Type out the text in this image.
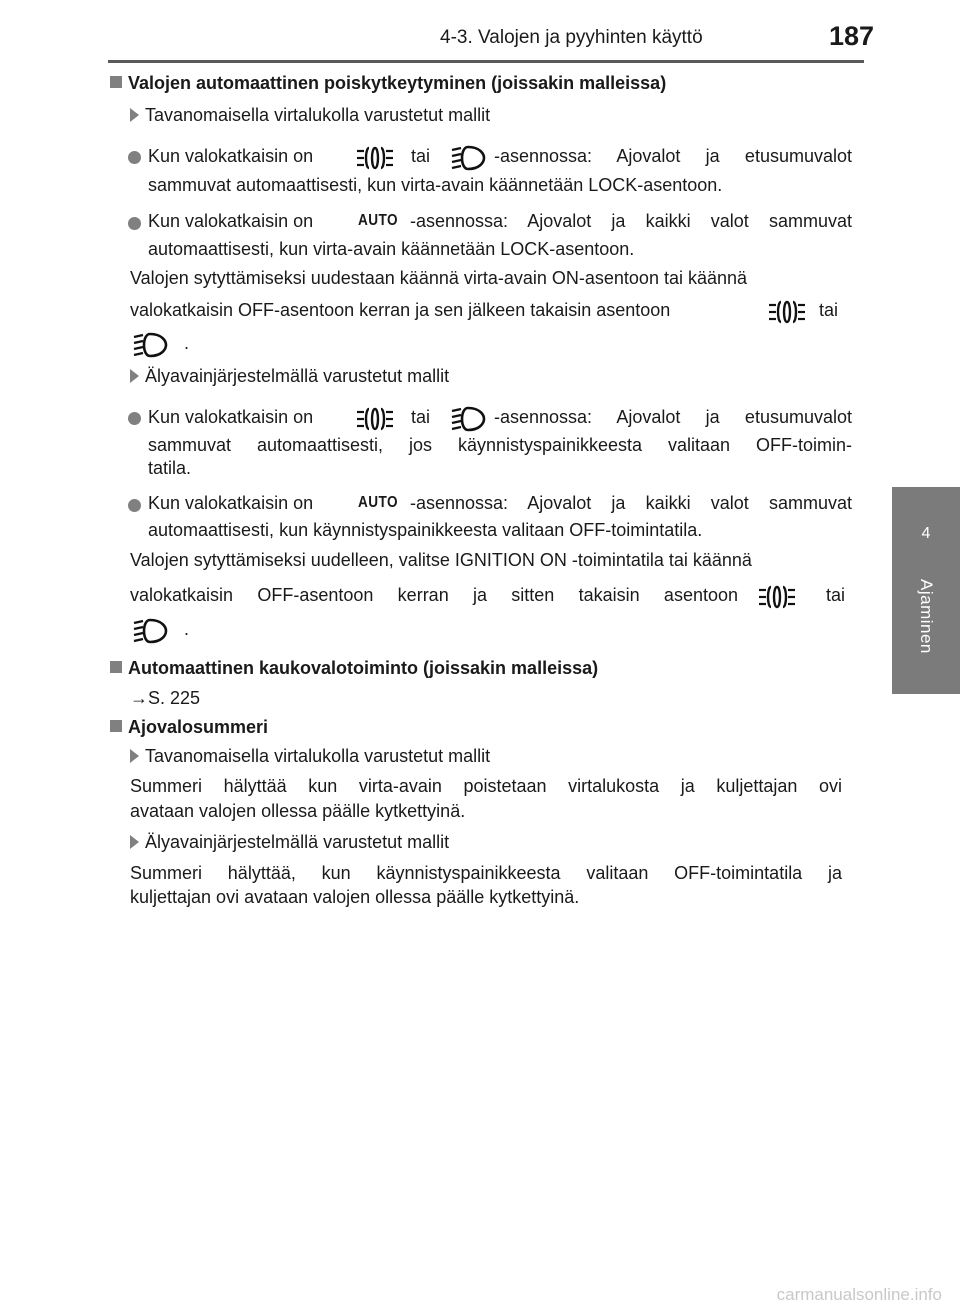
4-3. Valojen ja pyyhinten käyttö	187
4
Ajaminen
Valojen automaattinen poiskytkeytyminen (joissakin malleissa)
Tavanomaisella virtalukolla varustetut mallit
Kun valokatkaisin on	tai	-asennossa: Ajovalot ja etusumuvalot
sammuvat automaattisesti, kun virta-avain käännetään LOCK-asentoon.
Kun valokatkaisin on	AUTO -asennossa: Ajovalot ja kaikki valot sammuvat
automaattisesti, kun virta-avain käännetään LOCK-asentoon.
Valojen sytyttämiseksi uudestaan käännä virta-avain ON-asentoon tai käännä
valokatkaisin OFF-asentoon kerran ja sen jälkeen takaisin asentoon	tai
.
Älyavainjärjestelmällä varustetut mallit
Kun valokatkaisin on	tai	-asennossa: Ajovalot ja etusumuvalot
sammuvat automaattisesti, jos käynnistyspainikkeesta valitaan OFF-toimin-
tatila.
Kun valokatkaisin on	AUTO -asennossa: Ajovalot ja kaikki valot sammuvat
automaattisesti, kun käynnistyspainikkeesta valitaan OFF-toimintatila.
Valojen sytyttämiseksi uudelleen, valitse IGNITION ON -toimintatila tai käännä
valokatkaisin OFF-asentoon kerran ja sitten takaisin asentoon	tai
.
Automaattinen kaukovalotoiminto (joissakin malleissa)
→S. 225
Ajovalosummeri
Tavanomaisella virtalukolla varustetut mallit
Summeri hälyttää kun virta-avain poistetaan virtalukosta ja kuljettajan ovi
avataan valojen ollessa päälle kytkettyinä.
Älyavainjärjestelmällä varustetut mallit
Summeri hälyttää, kun käynnistyspainikkeesta valitaan OFF-toimintatila ja
kuljettajan ovi avataan valojen ollessa päälle kytkettyinä.
carmanualsonline.info
